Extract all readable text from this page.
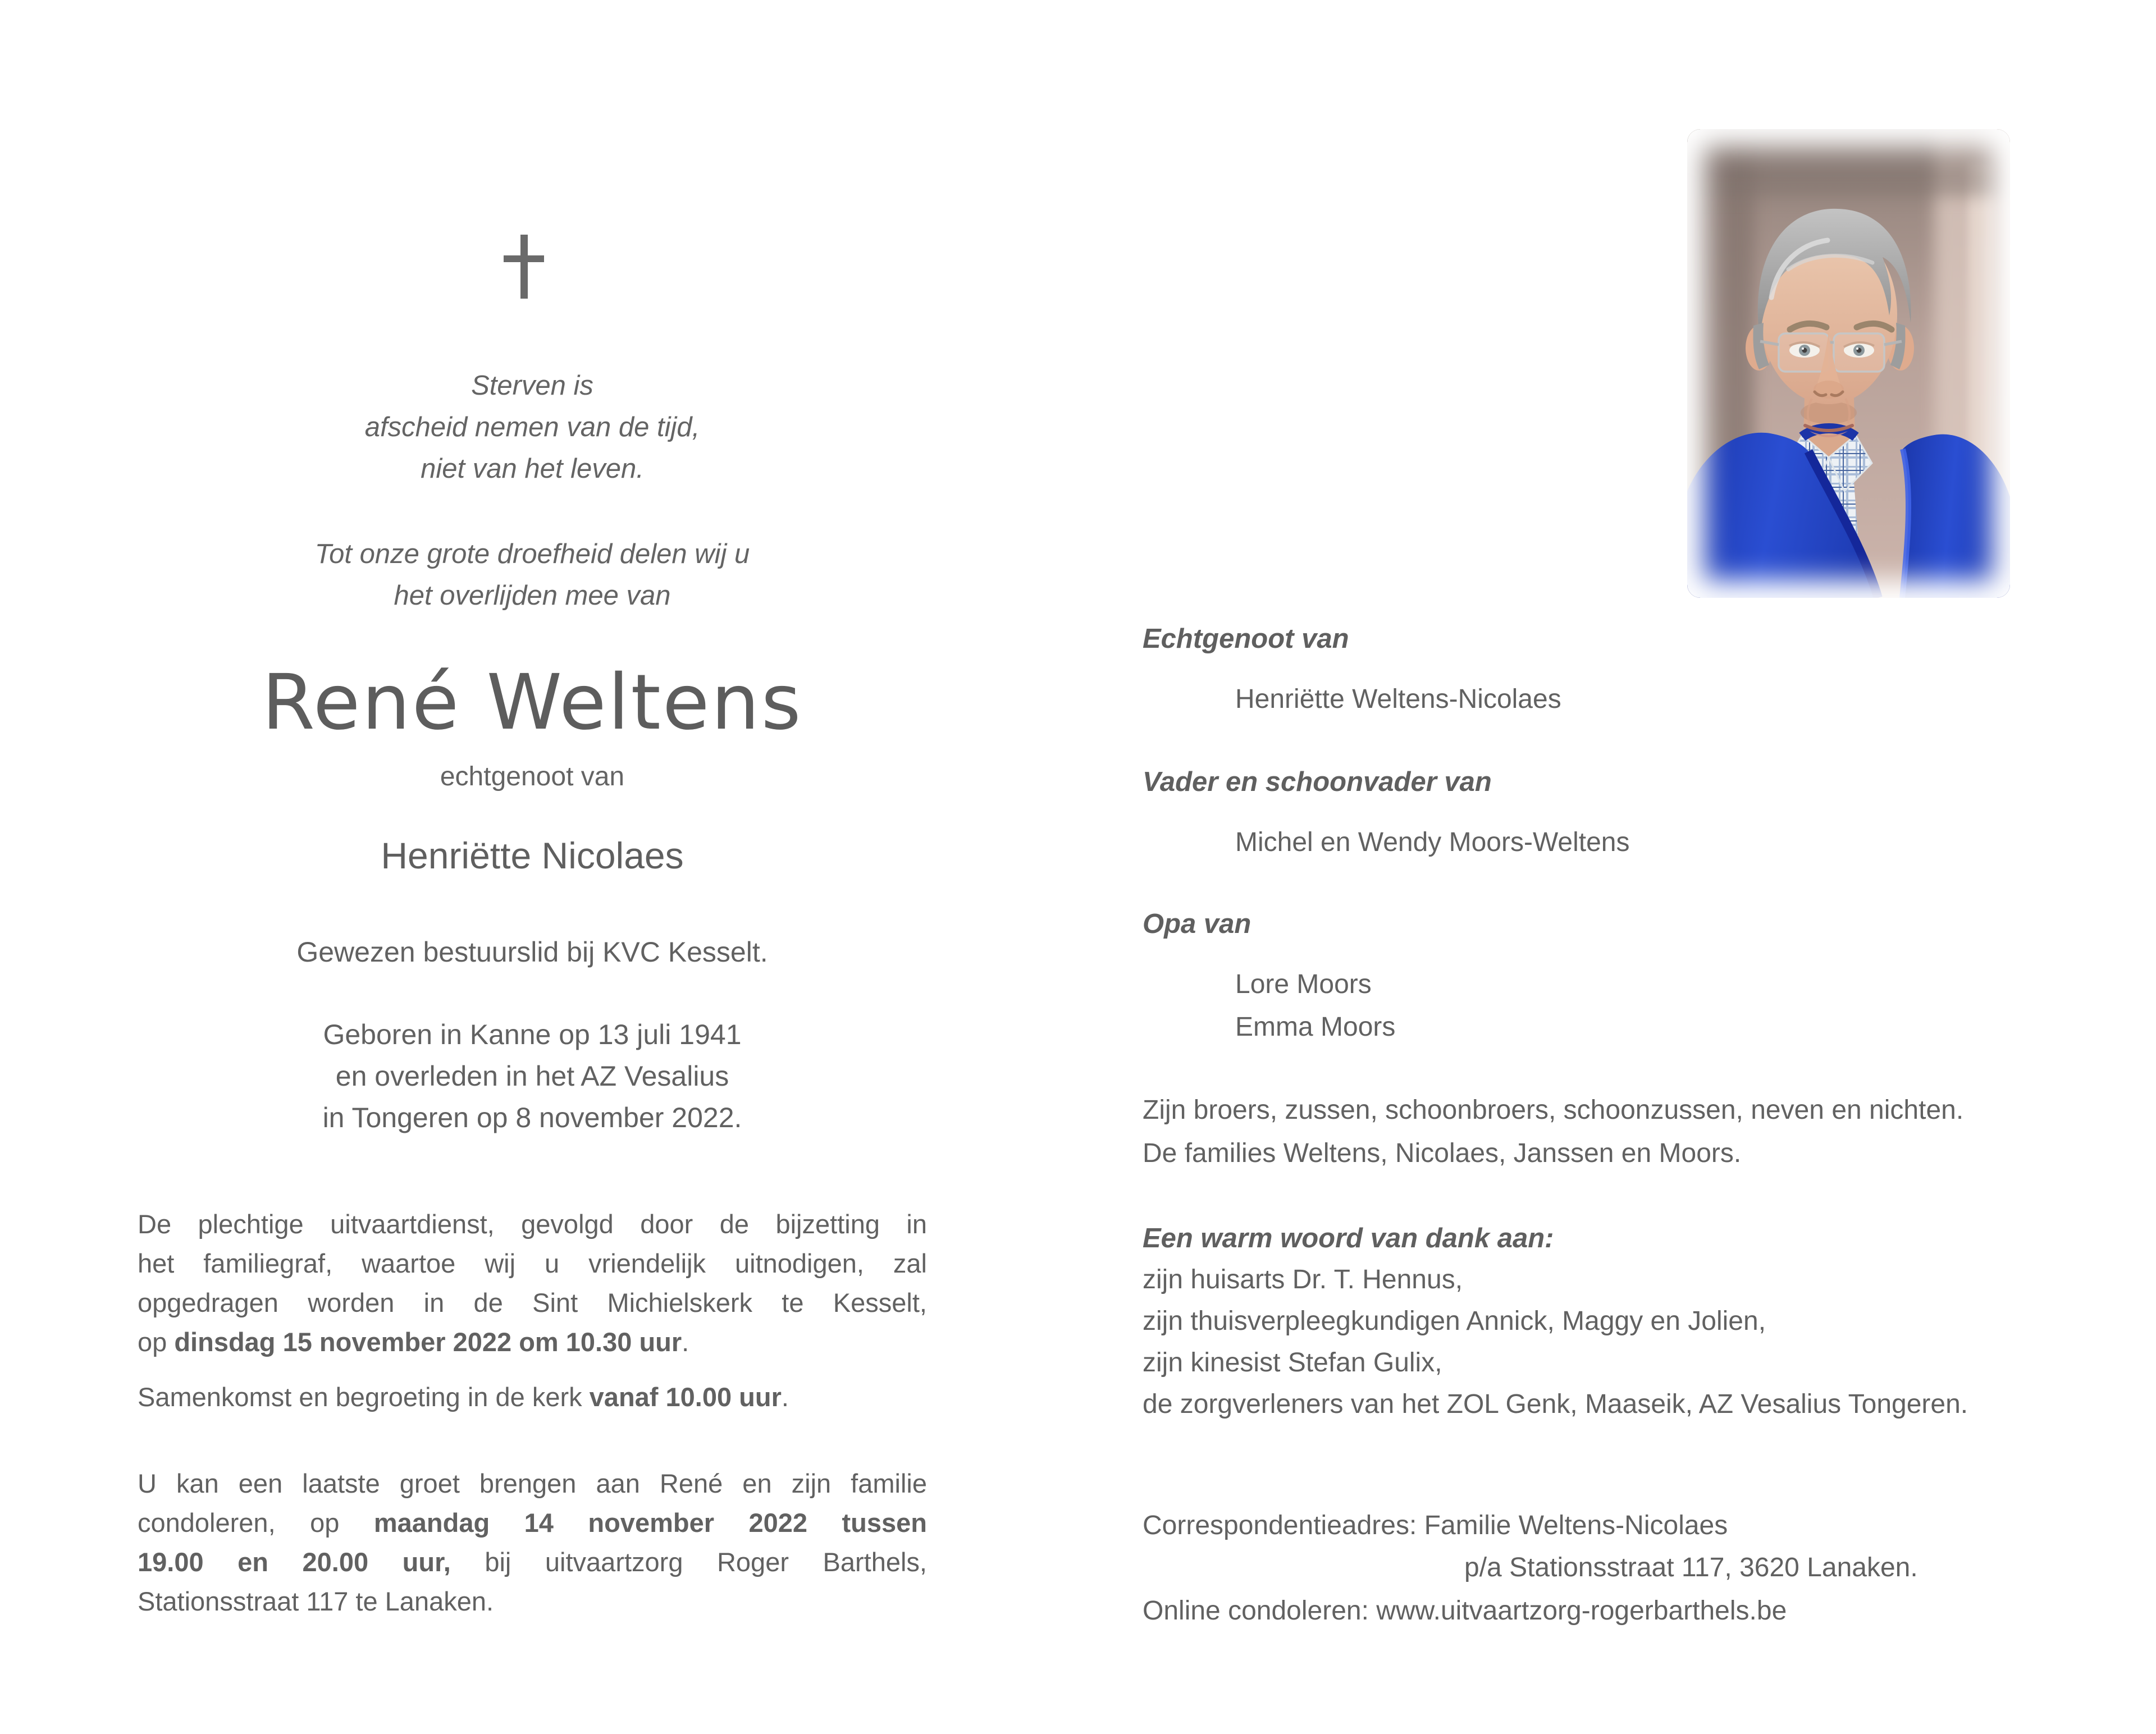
Sterven is
afscheid nemen van de tijd,
niet van het leven.
Tot onze grote droefheid delen wij u
het overlijden mee van
René Weltens
echtgenoot van
Henriëtte Nicolaes
Gewezen bestuurslid bij KVC Kesselt.
Geboren in Kanne op 13 juli 1941
en overleden in het AZ Vesalius
in Tongeren op 8 november 2022.
De plechtige uitvaartdienst, gevolgd door de bijzetting in
het familiegraf, waartoe wij u vriendelijk uitnodigen, zal
opgedragen worden in de Sint Michielskerk te Kesselt,
op dinsdag 15 november 2022 om 10.30 uur.
Samenkomst en begroeting in de kerk vanaf 10.00 uur.
U kan een laatste groet brengen aan René en zijn familie
condoleren, op maandag 14 november 2022 tussen
19.00 en 20.00 uur, bij uitvaartzorg Roger Barthels,
Stationsstraat 117 te Lanaken.
Echtgenoot van
Henriëtte Weltens-Nicolaes
Vader en schoonvader van
Michel en Wendy Moors-Weltens
Opa van
Lore Moors
Emma Moors
Zijn broers, zussen, schoonbroers, schoonzussen, neven en nichten.
De families Weltens, Nicolaes, Janssen en Moors.
Een warm woord van dank aan:
zijn huisarts Dr. T. Hennus,
zijn thuisverpleegkundigen Annick, Maggy en Jolien,
zijn kinesist Stefan Gulix,
de zorgverleners van het ZOL Genk, Maaseik, AZ Vesalius Tongeren.
Correspondentieadres: Familie Weltens-Nicolaes
p/a Stationsstraat 117, 3620 Lanaken.
Online condoleren: www.uitvaartzorg-rogerbarthels.be
